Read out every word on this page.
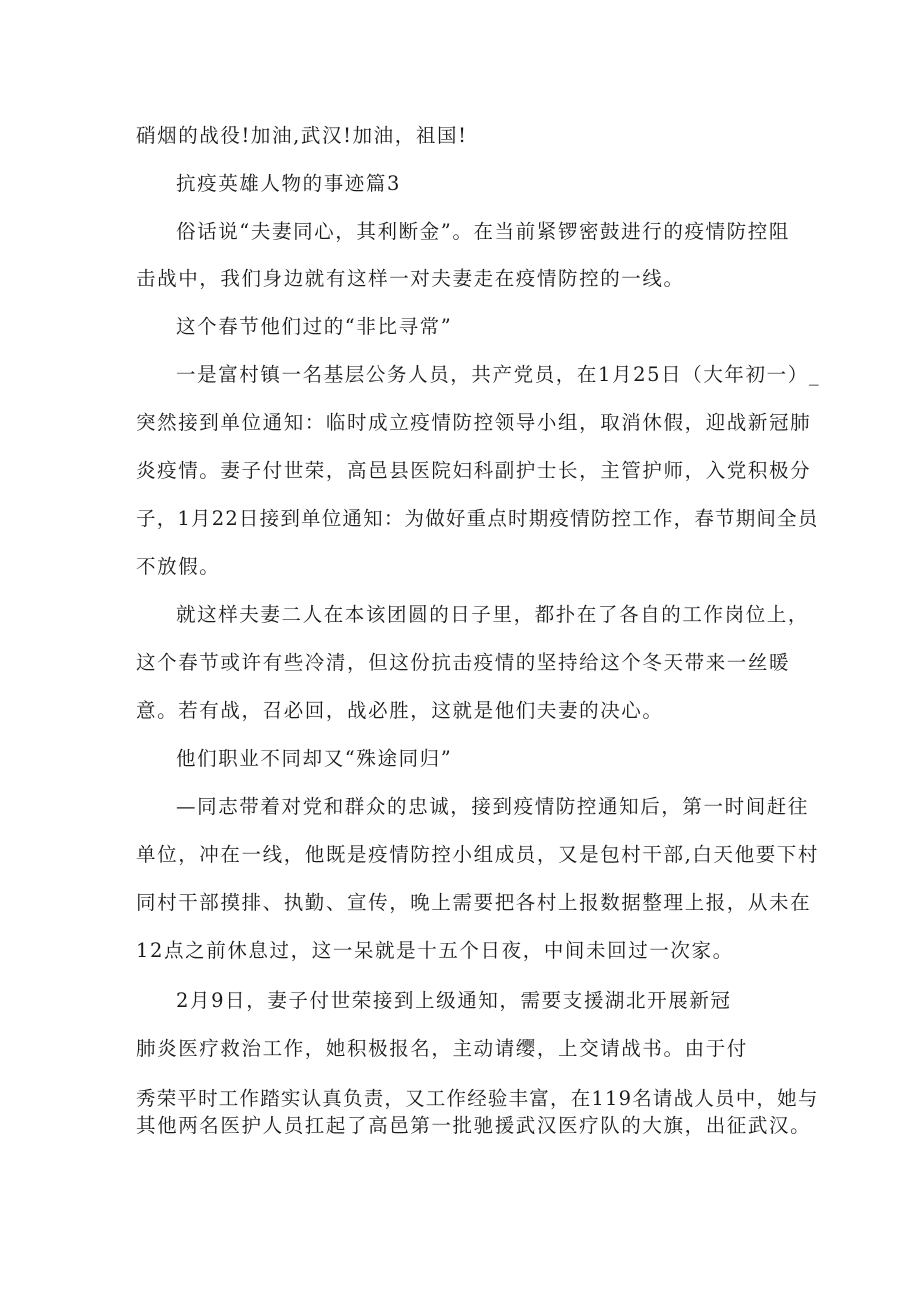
硝烟的战役!加油,武汉!加油，祖国!

抗疫英雄人物的事迹篇3

俗话说“夫妻同心，其利断金”。在当前紧锣密鼓进行的疫情防控阻

击战中，我们身边就有这样一对夫妻走在疫情防控的一线。

这个春节他们过的“非比寻常”

一是富村镇一名基层公务人员，共产党员，在1月25日（大年初一）_

突然接到单位通知：临时成立疫情防控领导小组，取消休假，迎战新冠肺

炎疫情。妻子付世荣，高邑县医院妇科副护士长，主管护师，入党积极分

子，1月22日接到单位通知：为做好重点时期疫情防控工作，春节期间全员

不放假。

就这样夫妻二人在本该团圆的日子里，都扑在了各自的工作岗位上，

这个春节或许有些冷清，但这份抗击疫情的坚持给这个冬天带来一丝暖

意。若有战，召必回，战必胜，这就是他们夫妻的决心。

他们职业不同却又“殊途同归”

—同志带着对党和群众的忠诚，接到疫情防控通知后，第一时间赶往

单位，冲在一线，他既是疫情防控小组成员，又是包村干部,白天他要下村

同村干部摸排、执勤、宣传，晚上需要把各村上报数据整理上报，从未在

12点之前休息过，这一呆就是十五个日夜，中间未回过一次家。

2月9日，妻子付世荣接到上级通知，需要支援湖北开展新冠

肺炎医疗救治工作，她积极报名，主动请缨，上交请战书。由于付

秀荣平时工作踏实认真负责，又工作经验丰富，在119名请战人员中，她与

其他两名医护人员扛起了高邑第一批驰援武汉医疗队的大旗，出征武汉。
